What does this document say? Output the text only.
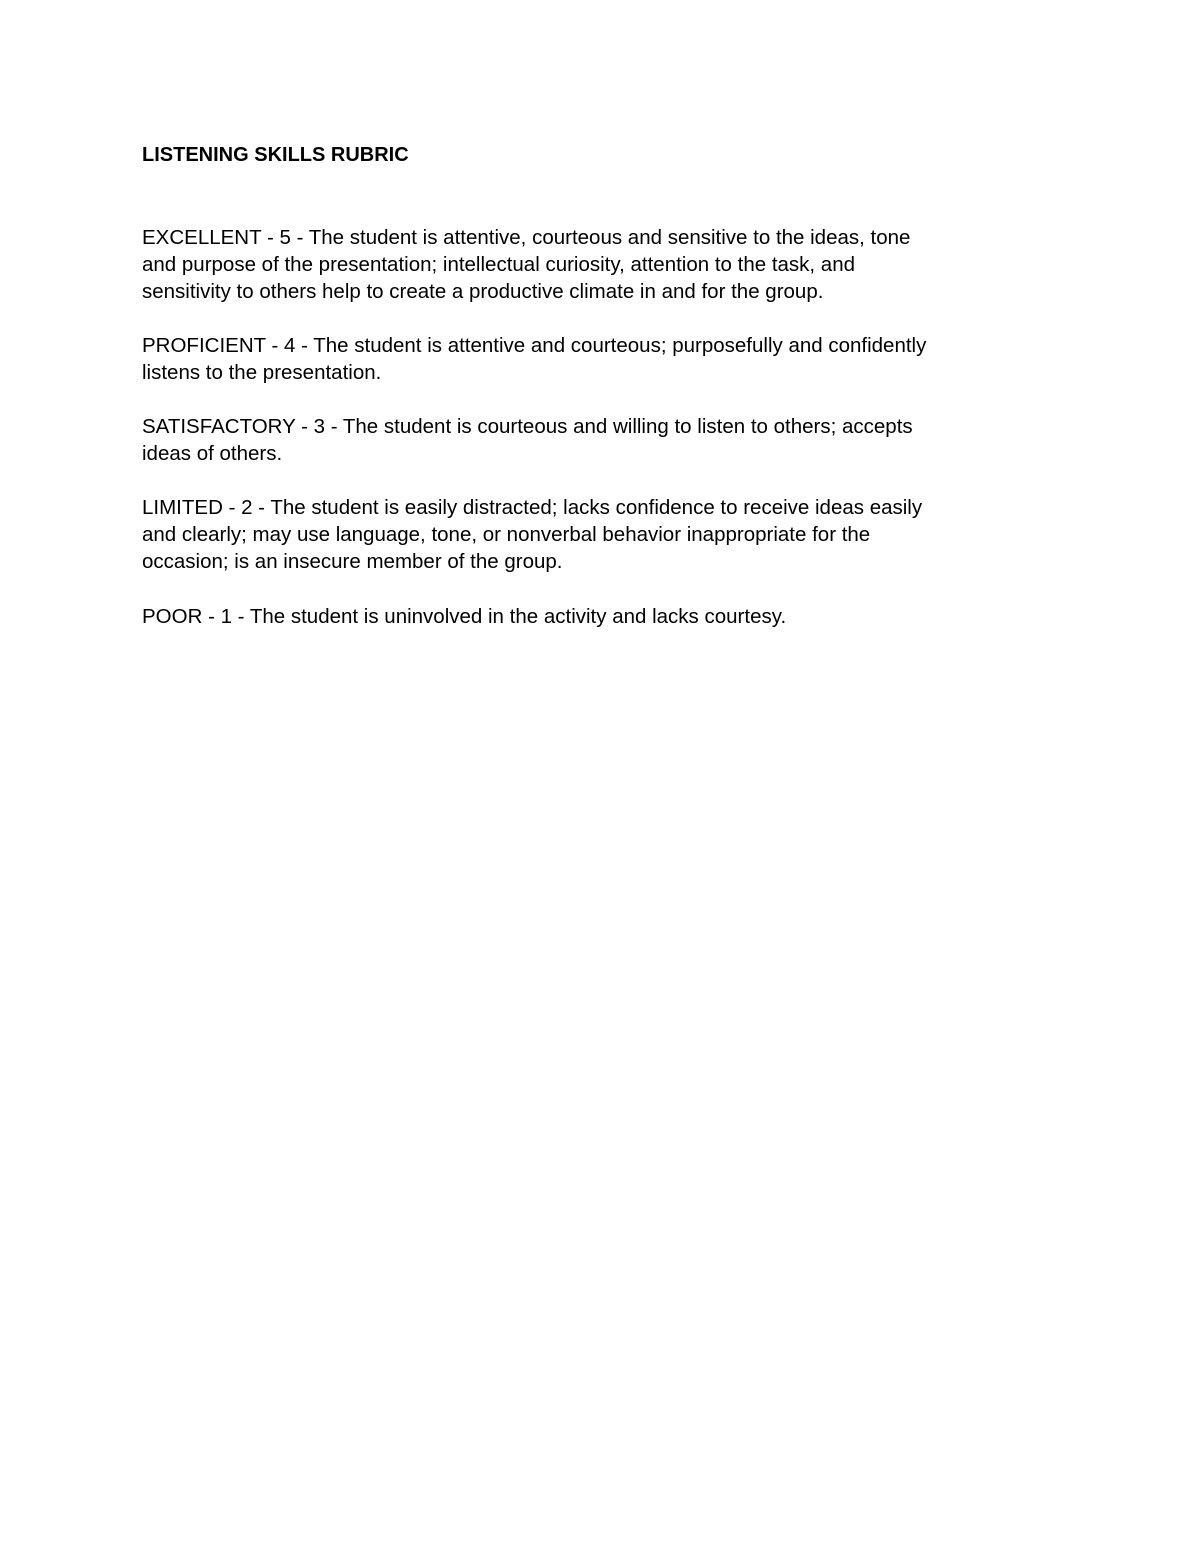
LISTENING SKILLS RUBRIC

EXCELLENT - 5 - The student is attentive, courteous and sensitive to the ideas, tone
and purpose of the presentation; intellectual curiosity, attention to the task, and
sensitivity to others help to create a productive climate in and for the group.

PROFICIENT - 4 - The student is attentive and courteous; purposefully and confidently
listens to the presentation.

SATISFACTORY - 3 - The student is courteous and willing to listen to others; accepts
ideas of others.

LIMITED - 2 - The student is easily distracted; lacks confidence to receive ideas easily
and clearly; may use language, tone, or nonverbal behavior inappropriate for the
occasion; is an insecure member of the group.

POOR - 1 - The student is uninvolved in the activity and lacks courtesy.
